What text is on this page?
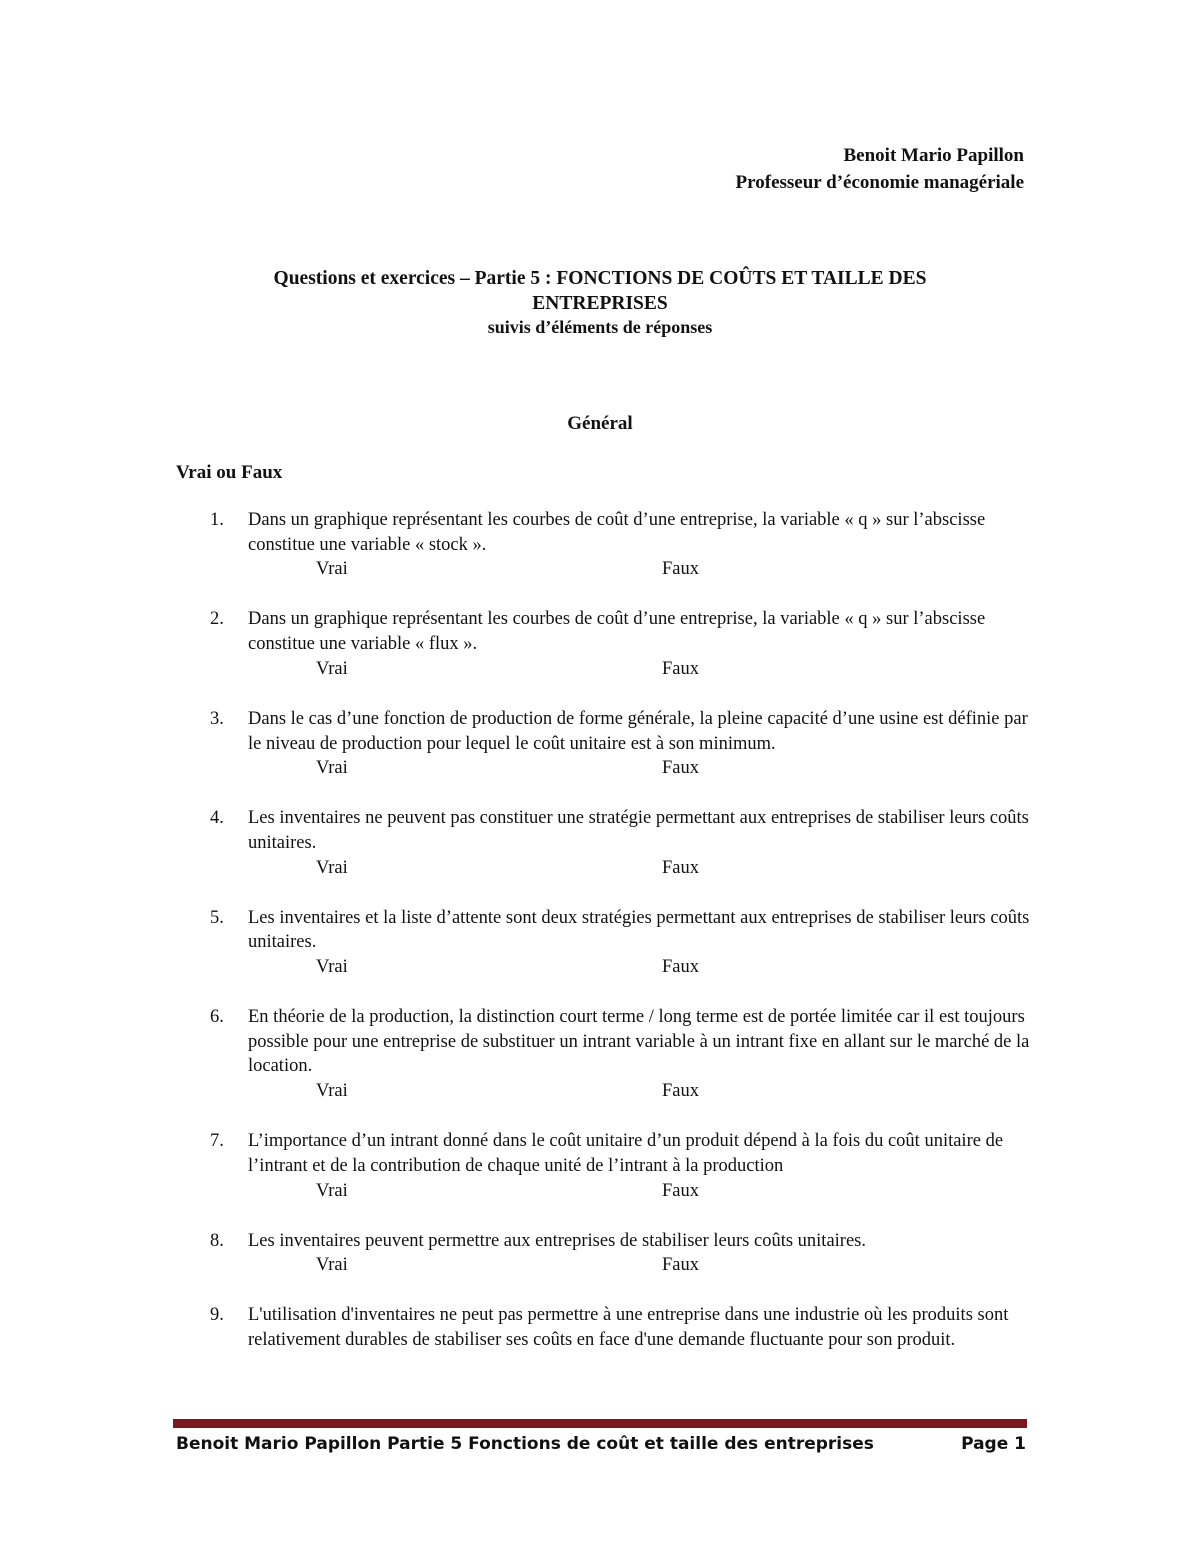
Benoit Mario Papillon
Professeur d’économie managériale
Questions et exercices – Partie 5 : FONCTIONS DE COÛTS ET TAILLE DES
ENTREPRISES
suivis d’éléments de réponses
Général
Vrai ou Faux
1. Dans un graphique représentant les courbes de coût d’une entreprise, la variable « q » sur l’abscisse constitue une variable « stock ».
Vrai	Faux
2. Dans un graphique représentant les courbes de coût d’une entreprise, la variable « q » sur l’abscisse constitue une variable « flux ».
Vrai	Faux
3. Dans le cas d’une fonction de production de forme générale, la pleine capacité d’une usine est définie par le niveau de production pour lequel le coût unitaire est à son minimum.
Vrai	Faux
4. Les inventaires ne peuvent pas constituer une stratégie permettant aux entreprises de stabiliser leurs coûts unitaires.
Vrai	Faux
5. Les inventaires et la liste d’attente sont deux stratégies permettant aux entreprises de stabiliser leurs coûts unitaires.
Vrai	Faux
6. En théorie de la production, la distinction court terme / long terme est de portée limitée car il est toujours possible pour une entreprise de substituer un intrant variable à un intrant fixe en allant sur le marché de la location.
Vrai	Faux
7. L’importance d’un intrant donné dans le coût unitaire d’un produit dépend à la fois du coût unitaire de l’intrant et de la contribution de chaque unité de l’intrant à la production
Vrai	Faux
8. Les inventaires peuvent permettre aux entreprises de stabiliser leurs coûts unitaires.
Vrai	Faux
9. L'utilisation d'inventaires ne peut pas permettre à une entreprise dans une industrie où les produits sont relativement durables de stabiliser ses coûts en face d'une demande fluctuante pour son produit.
Benoit Mario Papillon Partie 5 Fonctions de coût et taille des entreprises	Page 1
